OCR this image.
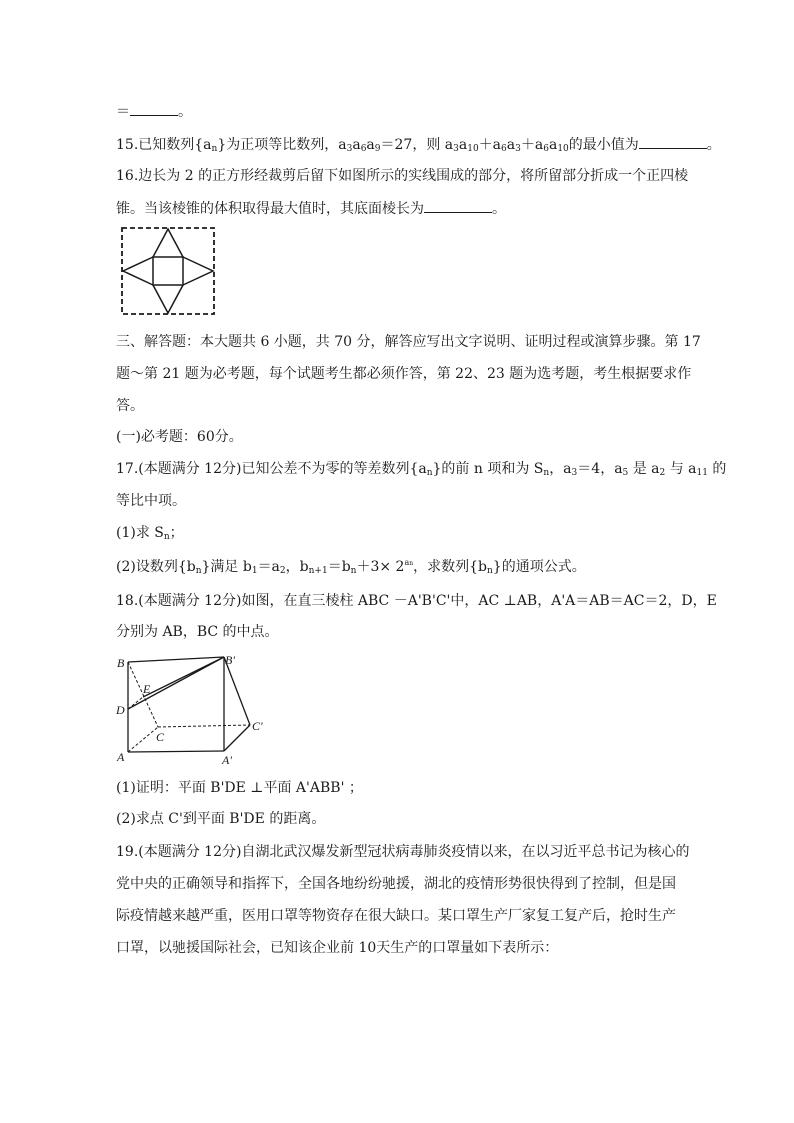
＝	。
15.已知数列$\{a_n\}$为正项等比数列，$a_3a_6a_9=27$，则 $a_3a_{10}+a_6a_3+a_6a_{10}$的最小值为	。
16.边长为 2 的正方形经裁剪后留下如图所示的实线围成的部分，将所留部分折成一个正四棱
锥。当该棱锥的体积取得最大值时，其底面棱长为	。
三、解答题：本大题共 6 小题，共 70 分，解答应写出文字说明、证明过程或演算步骤。第 17
题～第 21 题为必考题，每个试题考生都必须作答，第 22、23 题为选考题，考生根据要求作
答。
(一)必考题：60分。
17.(本题满分 12分)已知公差不为零的等差数列$\{a_n\}$的前 n 项和为 $S_n$，$a_3=4$，$a_5$ 是 $a_2$ 与 $a_{11}$ 的
等比中项。
(1)求 $S_n$；
(2)设数列$\{b_n\}$满足 $b_1=a_2$，$b_{n+1}=b_n+3\times 2^{an}$，求数列$\{b_n\}$的通项公式。
18.(本题满分 12分)如图，在直三棱柱 ABC －A'B'C'中，AC ⊥AB，A'A＝AB＝AC＝2，D，E
分别为 AB，BC 的中点。
B	B'
E
D
C
C'
A	A'
(1)证明：平面 B'DE ⊥平面 A'ABB' ；
(2)求点 C'到平面 B'DE 的距离。
19.(本题满分 12分)自湖北武汉爆发新型冠状病毒肺炎疫情以来，在以习近平总书记为核心的
党中央的正确领导和指挥下，全国各地纷纷驰援，湖北的疫情形势很快得到了控制，但是国
际疫情越来越严重，医用口罩等物资存在很大缺口。某口罩生产厂家复工复产后，抢时生产
口罩，以驰援国际社会，已知该企业前 10天生产的口罩量如下表所示：
